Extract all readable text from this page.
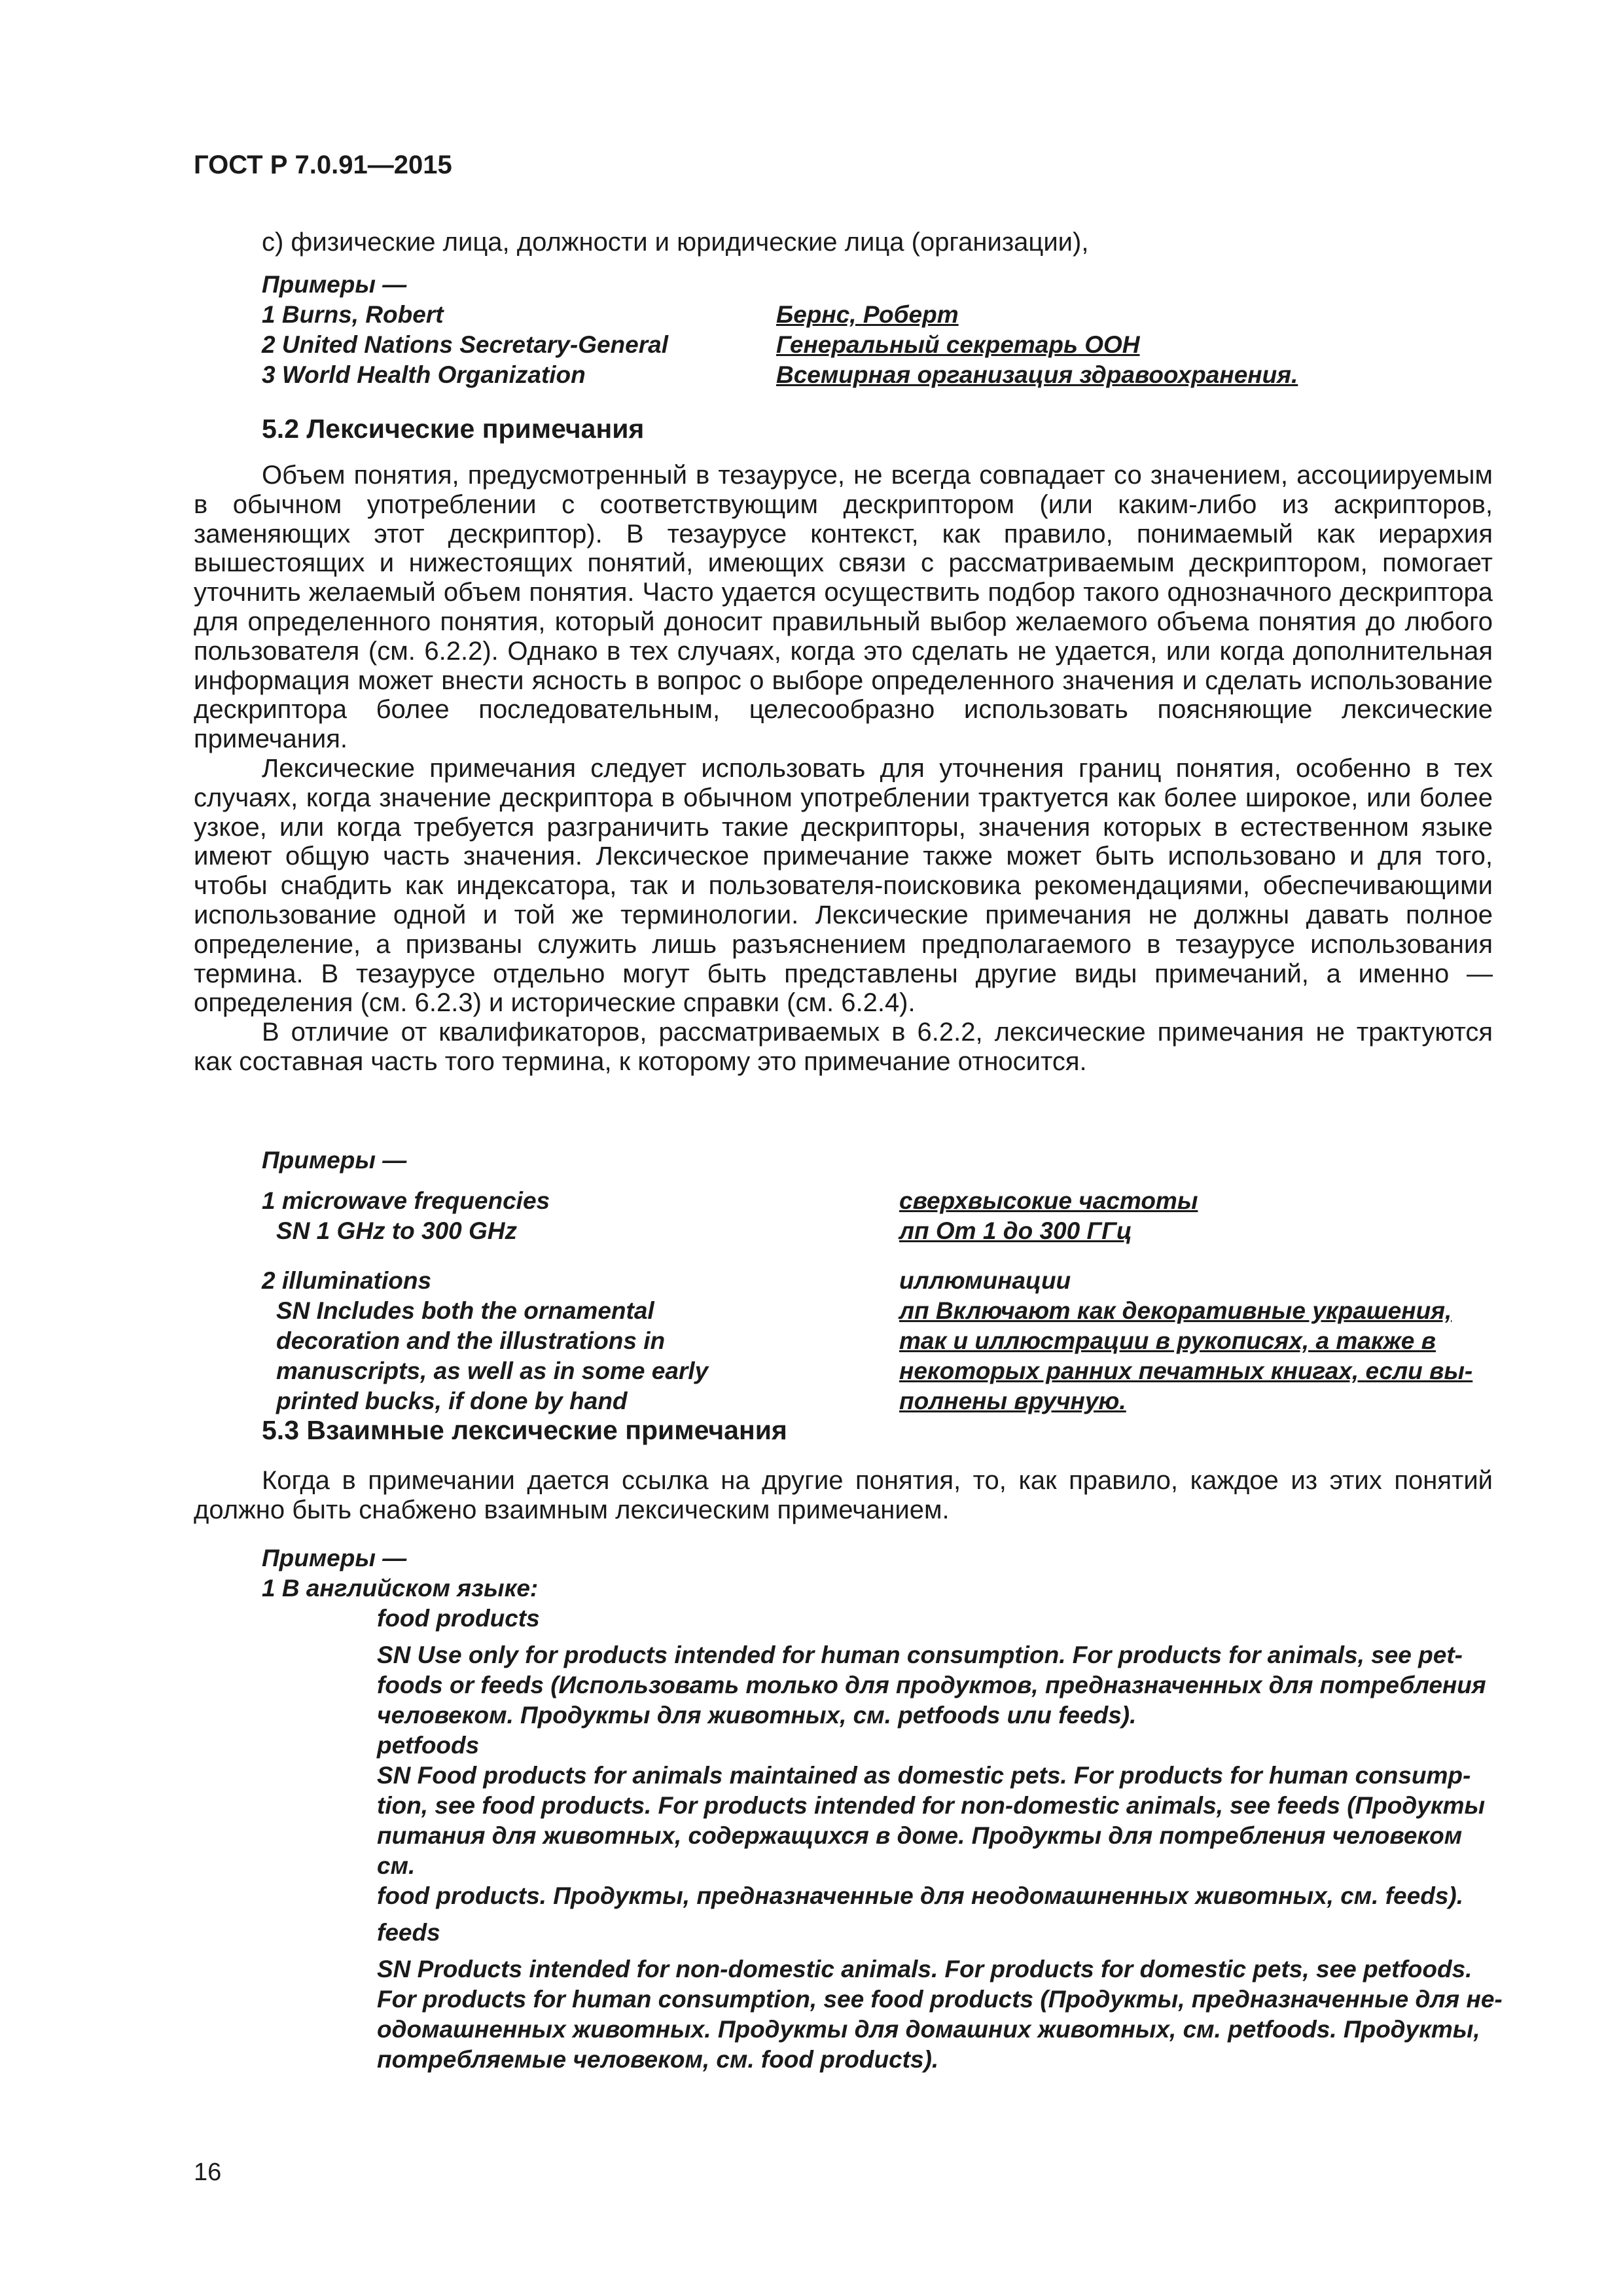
ГОСТ Р 7.0.91—2015
c) физические лица, должности и юридические лица (организации),
Примеры —
1 Burns, Robert
2 United Nations Secretary-General
3 World Health Organization
Бернс, Роберт
Генеральный секретарь ООН
Всемирная организация здравоохранения.
5.2 Лексические примечания

Объем понятия, предусмотренный в тезаурусе, не всегда совпадает со значением, ассоциируемым в обычном употреблении с соответствующим дескриптором (или каким-либо из аскрипторов, заменяющих этот дескриптор). В тезаурусе контекст, как правило, понимаемый как иерархия вышестоящих и нижестоящих понятий, имеющих связи с рассматриваемым дескриптором, помогает уточнить желаемый объем понятия. Часто удается осуществить подбор такого однозначного дескриптора для определенного понятия, который доносит правильный выбор желаемого объема понятия до любого пользователя (см. 6.2.2). Однако в тех случаях, когда это сделать не удается, или когда дополнительная информация может внести ясность в вопрос о выборе определенного значения и сделать использование дескриптора более последовательным, целесообразно использовать поясняющие лексические примечания.

Лексические примечания следует использовать для уточнения границ понятия, особенно в тех случаях, когда значение дескриптора в обычном употреблении трактуется как более широкое, или более узкое, или когда требуется разграничить такие дескрипторы, значения которых в естественном языке имеют общую часть значения. Лексическое примечание также может быть использовано и для того, чтобы снабдить как индексатора, так и пользователя-поисковика рекомендациями, обеспечивающими использование одной и той же терминологии. Лексические примечания не должны давать полное определение, а призваны служить лишь разъяснением предполагаемого в тезаурусе использования термина. В тезаурусе отдельно могут быть представлены другие виды примечаний, а именно — определения (см. 6.2.3) и исторические справки (см. 6.2.4).

В отличие от квалификаторов, рассматриваемых в 6.2.2, лексические примечания не трактуются как составная часть того термина, к которому это примечание относится.

Примеры —
1 microwave frequencies
SN 1 GHz to 300 GHz
2 illuminations
SN Includes both the ornamental
decoration and the illustrations in
manuscripts, as well as in some early
printed bucks, if done by hand
сверхвысокие частоты
лп От 1 до 300 ГГц
иллюминации
лп Включают как декоративные украшения,
так и иллюстрации в рукописях, а также в
некоторых ранних печатных книгах, если вы-
полнены вручную.
5.3 Взаимные лексические примечания

Когда в примечании дается ссылка на другие понятия, то, как правило, каждое из этих понятий должно быть снабжено взаимным лексическим примечанием.

Примеры —
1 В английском языке:
food products
SN Use only for products intended for human consumption. For products for animals, see pet-
foods or feeds (Использовать только для продуктов, предназначенных для потребления
человеком. Продукты для животных, см. petfoods или feeds).
petfoods
SN Food products for animals maintained as domestic pets. For products for human consump-
tion, see food products. For products intended for non-domestic animals, see feeds (Продукты
питания для животных, содержащихся в доме. Продукты для потребления человеком см.
food products. Продукты, предназначенные для неодомашненных животных, см. feeds).
feeds
SN Products intended for non-domestic animals. For products for domestic pets, see petfoods.
For products for human consumption, see food products (Продукты, предназначенные для не-
одомашненных животных. Продукты для домашних животных, см. petfoods. Продукты,
потребляемые человеком, см. food products).
16
